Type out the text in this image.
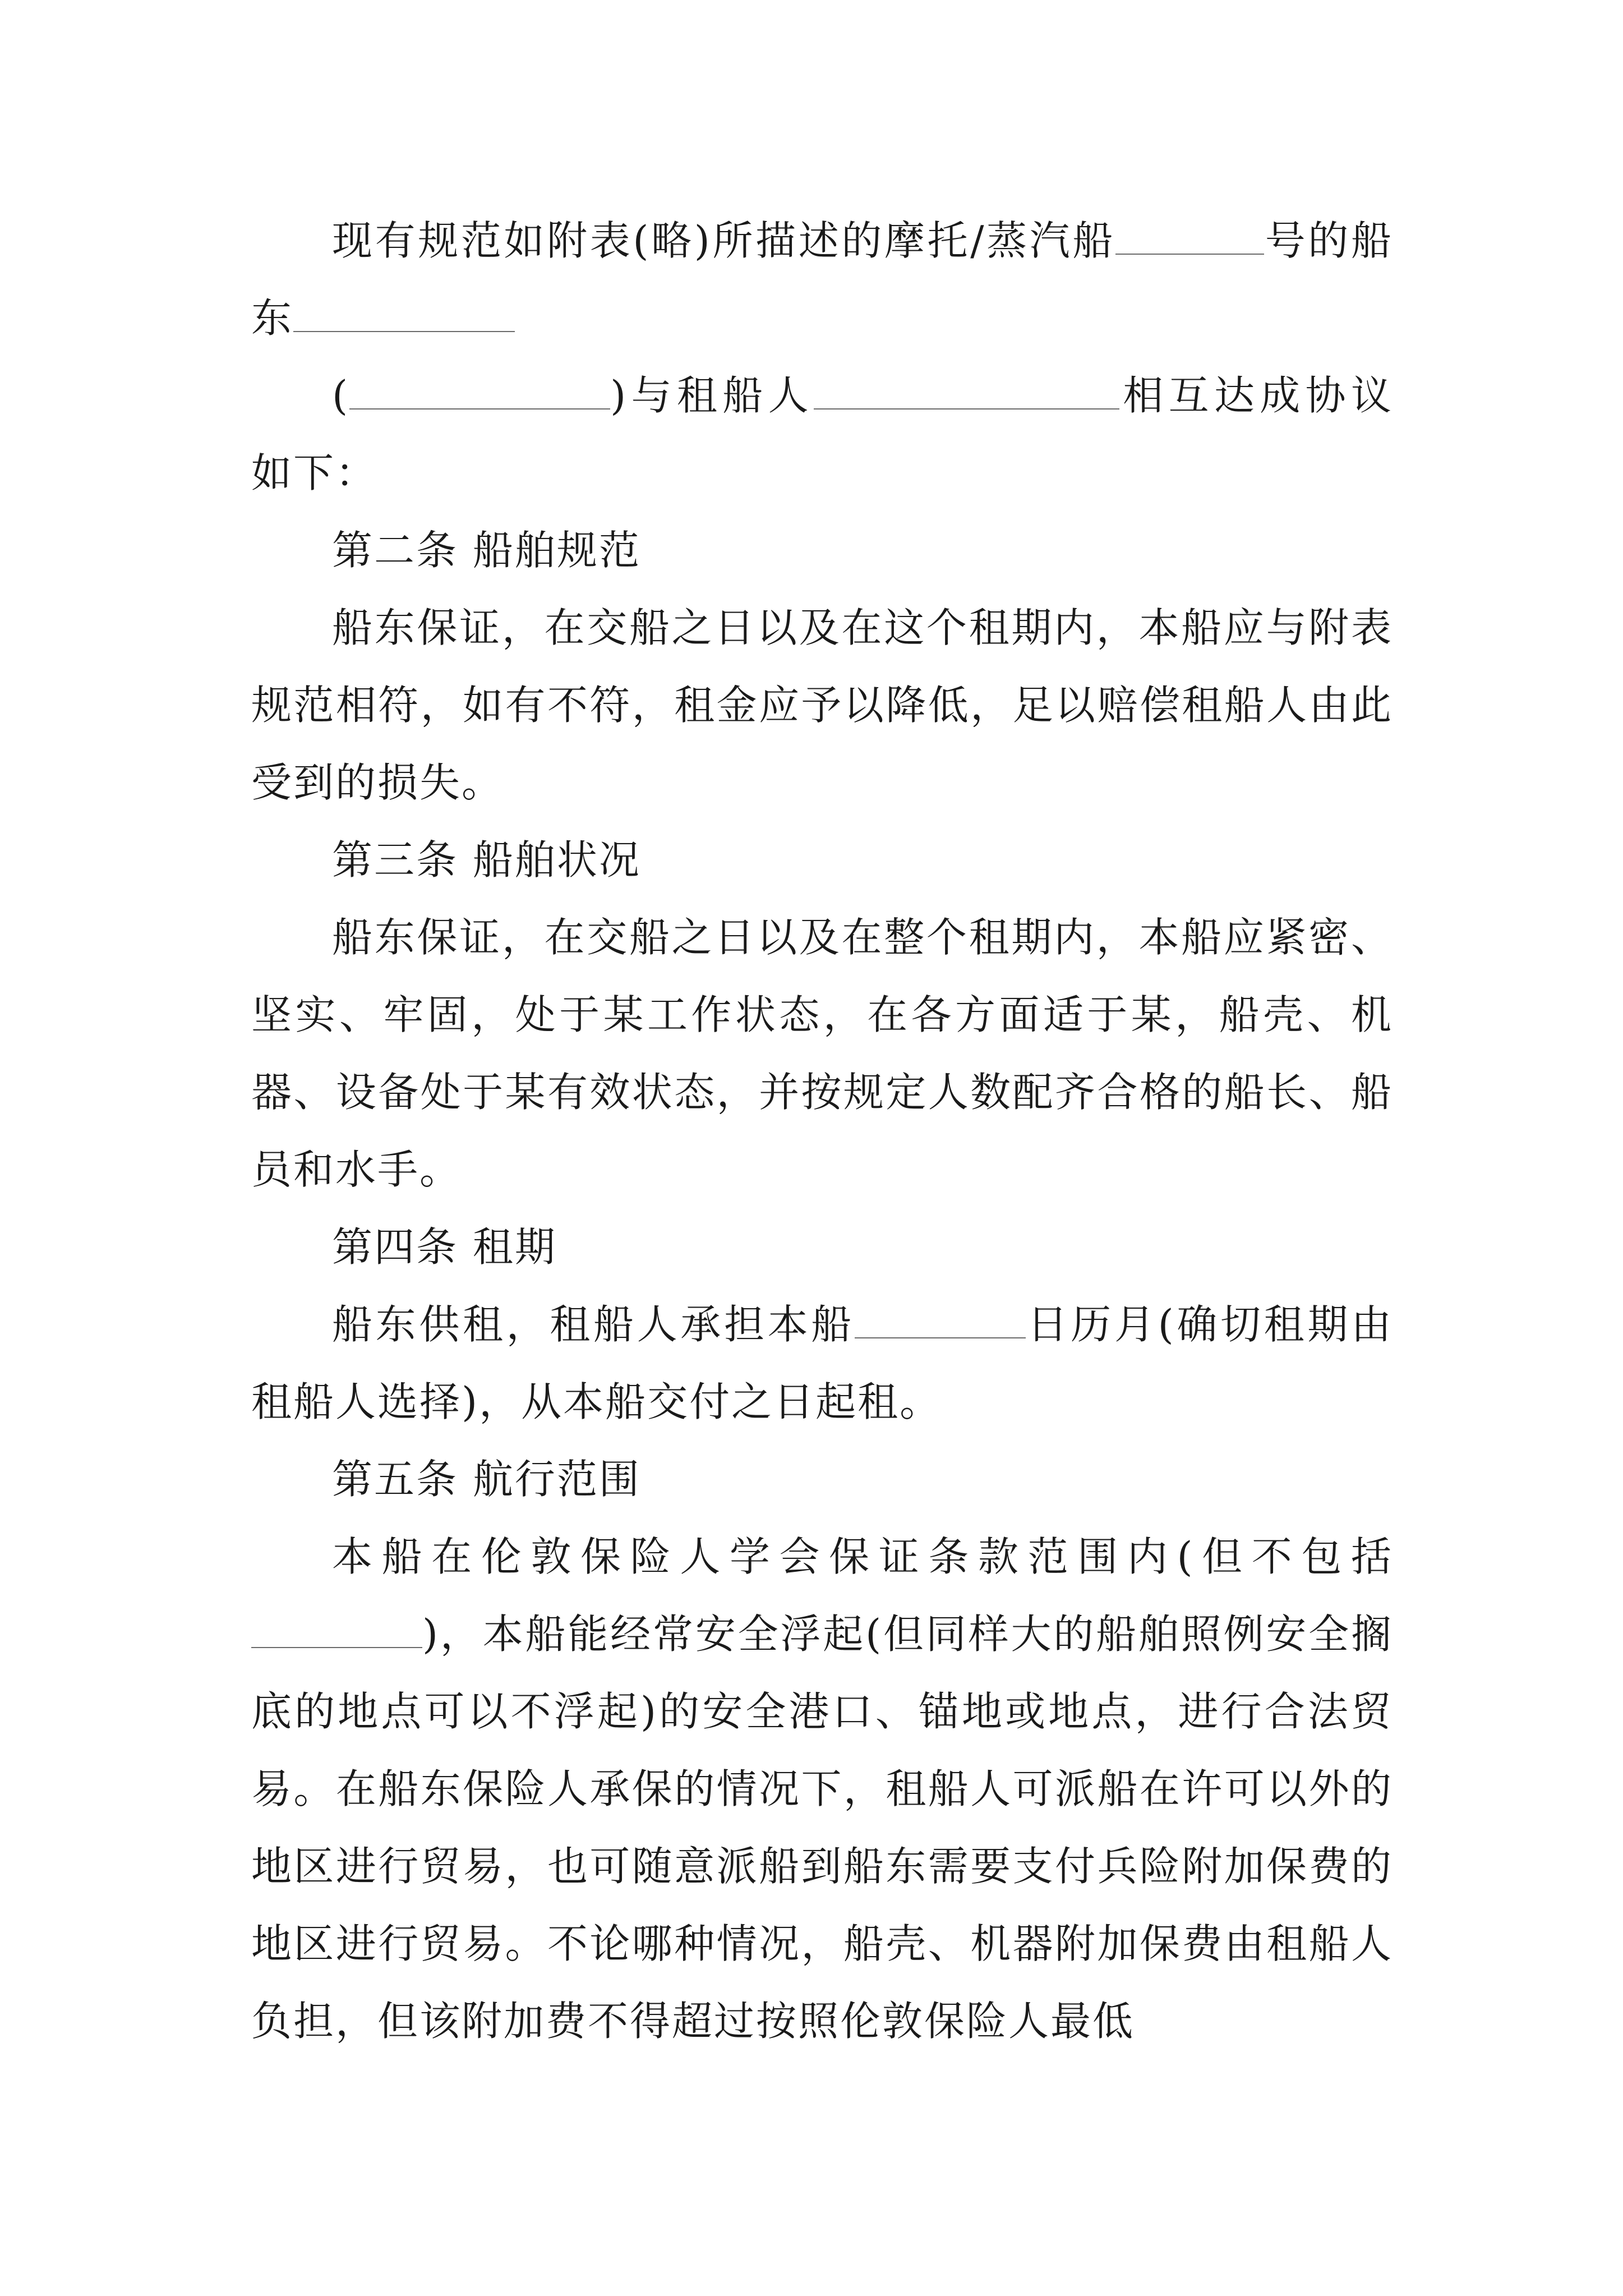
现有规范如附表(略)所描述的摩托/蒸汽船	号的船东

(	)与租船人	相互达成协议如下：

第二条 船舶规范

船东保证，在交船之日以及在这个租期内，本船应与附表规范相符，如有不符，租金应予以降低，足以赔偿租船人由此受到的损失。

第三条 船舶状况

船东保证，在交船之日以及在整个租期内，本船应紧密、坚实、牢固，处于某工作状态，在各方面适于某，船壳、机器、设备处于某有效状态，并按规定人数配齐合格的船长、船员和水手。

第四条 租期

船东供租，租船人承担本船	日历月(确切租期由租船人选择)，从本船交付之日起租。

第五条 航行范围

本船在伦敦保险人学会保证条款范围内(但不包括)，本船能经常安全浮起(但同样大的船舶照例安全搁底的地点可以不浮起)的安全港口、锚地或地点，进行合法贸易。在船东保险人承保的情况下，租船人可派船在许可以外的地区进行贸易，也可随意派船到船东需要支付兵险附加保费的地区进行贸易。不论哪种情况，船壳、机器附加保费由租船人负担，但该附加费不得超过按照伦敦保险人最低
